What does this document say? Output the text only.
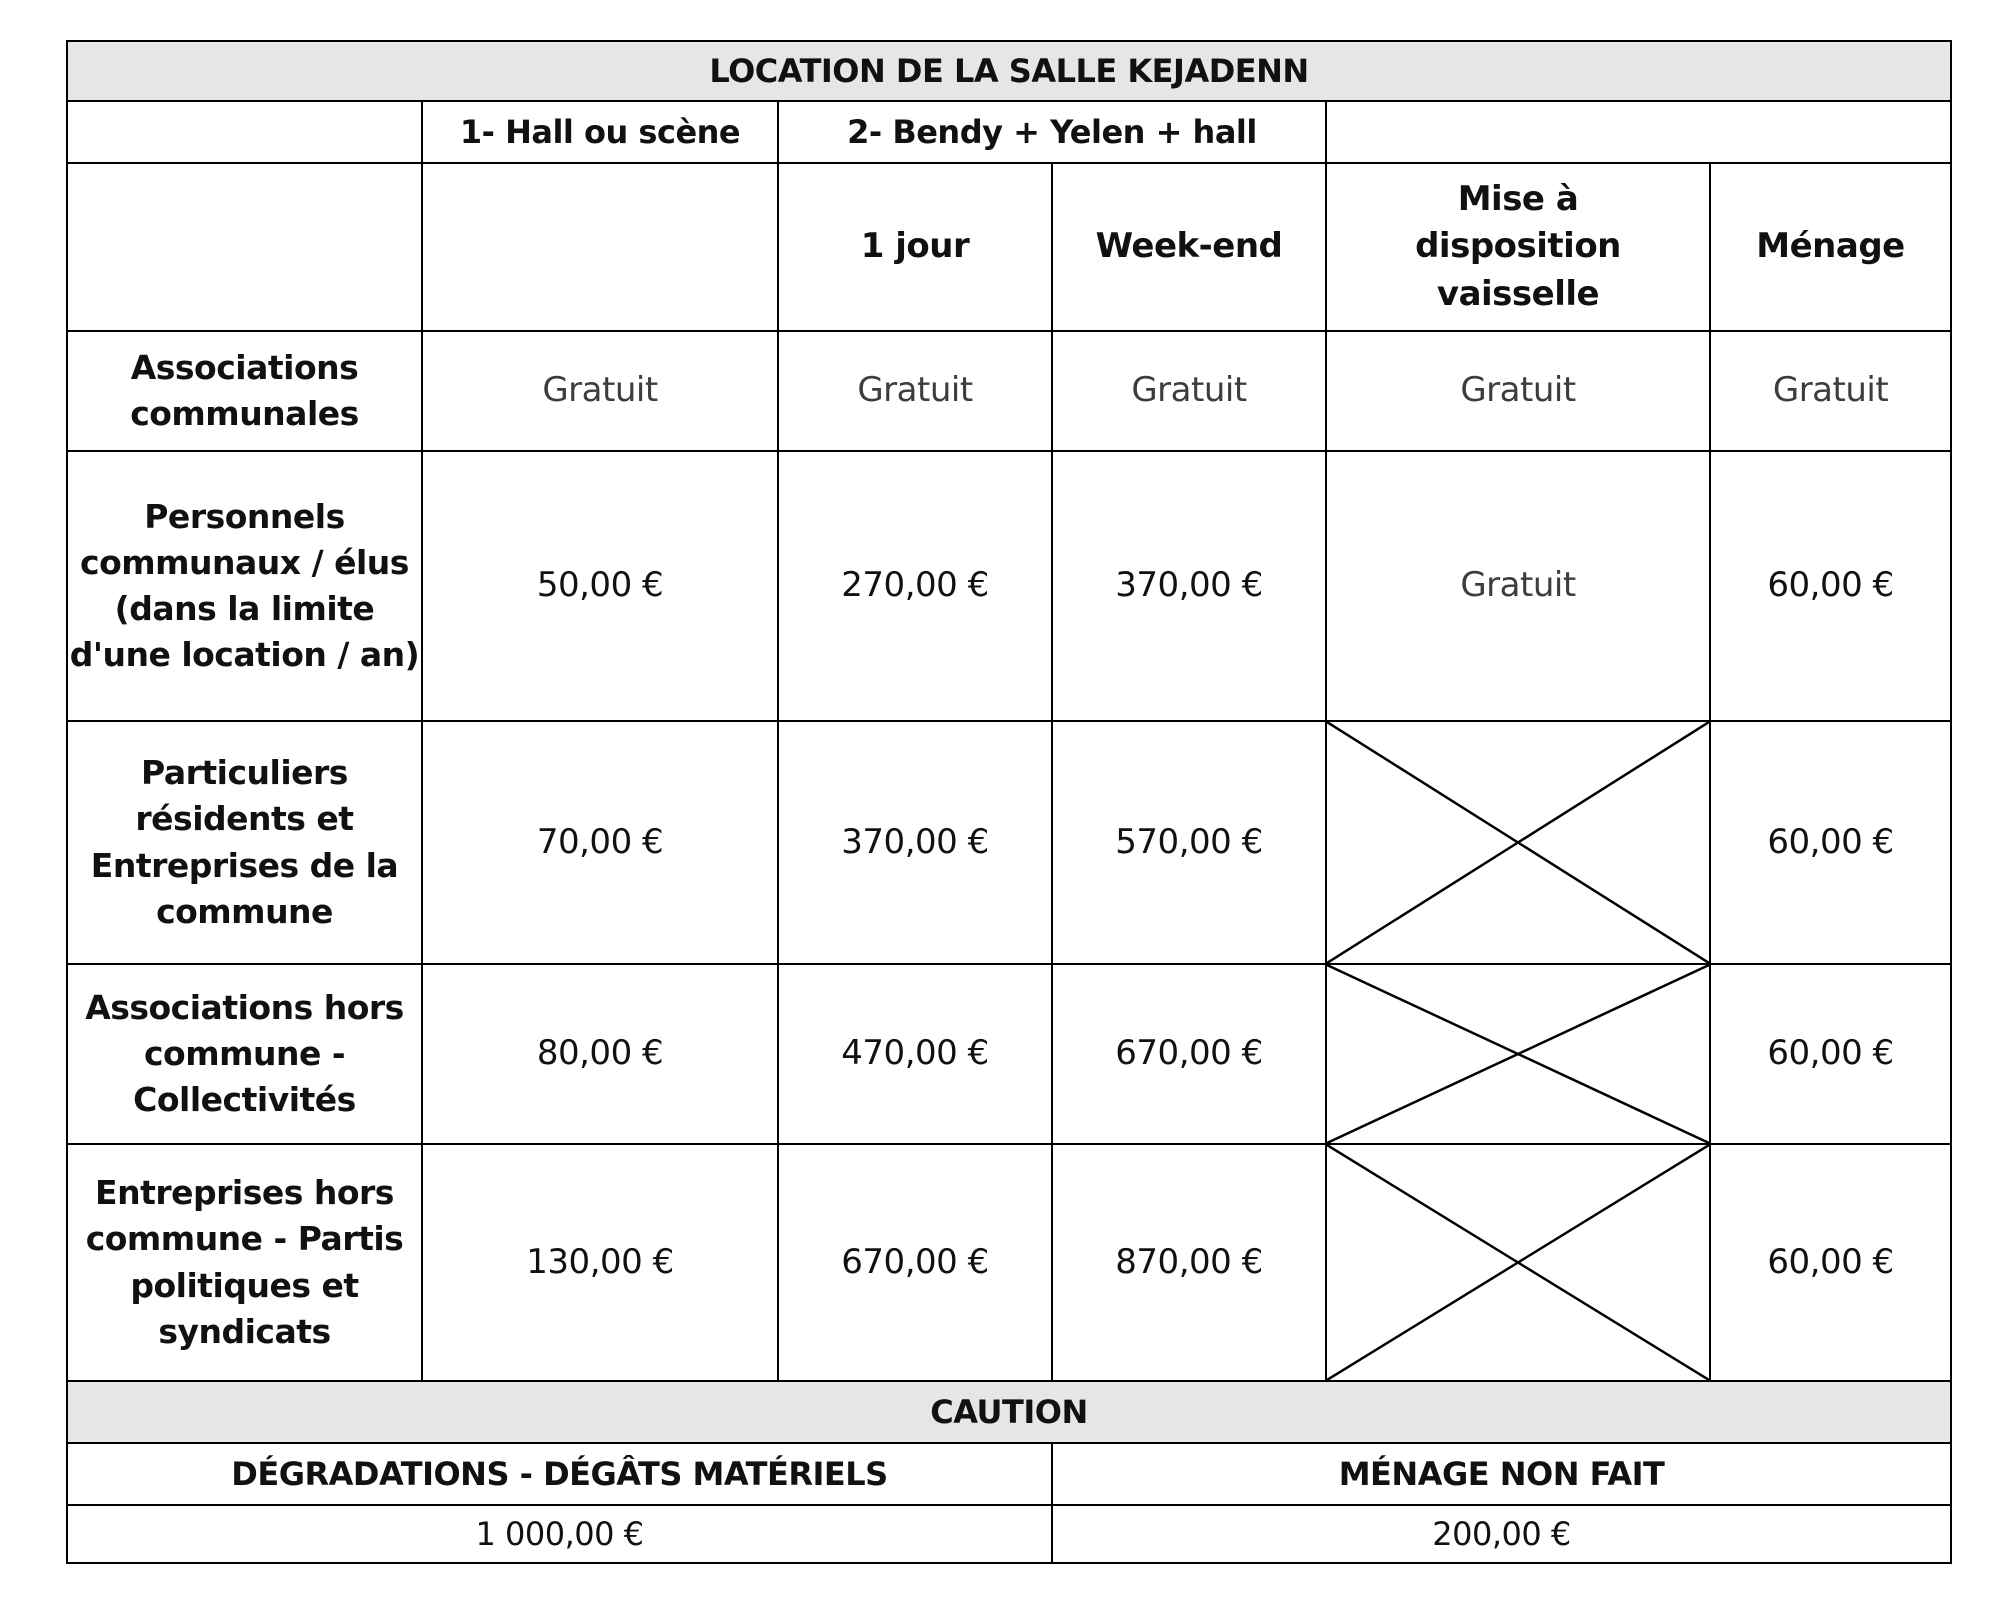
LOCATION DE LA SALLE KEJADENN					
	1- Hall ou scène	2- Bendy + Yelen + hall			
		1 jour	Week-end	Mise à disposition vaisselle	Ménage
Associations communales	Gratuit	Gratuit	Gratuit	Gratuit	Gratuit
Personnels communaux / élus (dans la limite d'une location / an)	50,00 €	270,00 €	370,00 €	Gratuit	60,00 €
Particuliers résidents et Entreprises de la commune	70,00 €	370,00 €	570,00 €		60,00 €
Associations hors commune - Collectivités	80,00 €	470,00 €	670,00 €		60,00 €
Entreprises hors commune - Partis politiques et syndicats	130,00 €	670,00 €	870,00 €		60,00 €
CAUTION					
DÉGRADATIONS - DÉGÂTS MATÉRIELS			MÉNAGE NON FAIT		
1 000,00 €			200,00 €		
